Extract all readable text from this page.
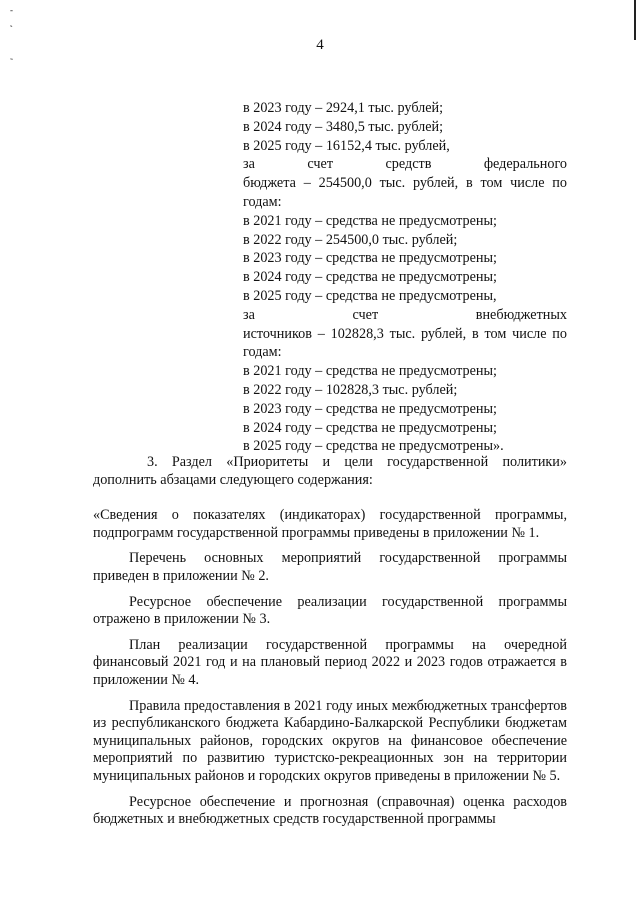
-
˛
˜
4
в 2023 году – 2924,1 тыс. рублей;
в 2024 году – 3480,5 тыс. рублей;
в 2025 году – 16152,4 тыс. рублей,
за счет средств федерального
бюджета – 254500,0 тыс. рублей, в том числе по годам:
в 2021 году – средства не предусмотрены;
в 2022 году – 254500,0 тыс. рублей;
в 2023 году – средства не предусмотрены;
в 2024 году – средства не предусмотрены;
в 2025 году – средства не предусмотрены,
за счет внебюджетных
источников – 102828,3 тыс. рублей, в том числе по годам:
в 2021 году – средства не предусмотрены;
в 2022 году – 102828,3 тыс. рублей;
в 2023 году – средства не предусмотрены;
в 2024 году – средства не предусмотрены;
в 2025 году – средства не предусмотрены».

3. Раздел «Приоритеты и цели государственной политики» дополнить абзацами следующего содержания:

«Сведения о показателях (индикаторах) государственной программы, подпрограмм государственной программы приведены в приложении № 1.

Перечень основных мероприятий государственной программы приведен в приложении № 2.

Ресурсное обеспечение реализации государственной программы отражено в приложении № 3.

План реализации государственной программы на очередной финансовый 2021 год и на плановый период 2022 и 2023 годов отражается в приложении № 4.

Правила предоставления в 2021 году иных межбюджетных трансфертов из республиканского бюджета Кабардино-Балкарской Республики бюджетам муниципальных районов, городских округов на финансовое обеспечение мероприятий по развитию туристско-рекреационных зон на территории муниципальных районов и городских округов приведены в приложении № 5.

Ресурсное обеспечение и прогнозная (справочная) оценка расходов бюджетных и внебюджетных средств государственной программы
